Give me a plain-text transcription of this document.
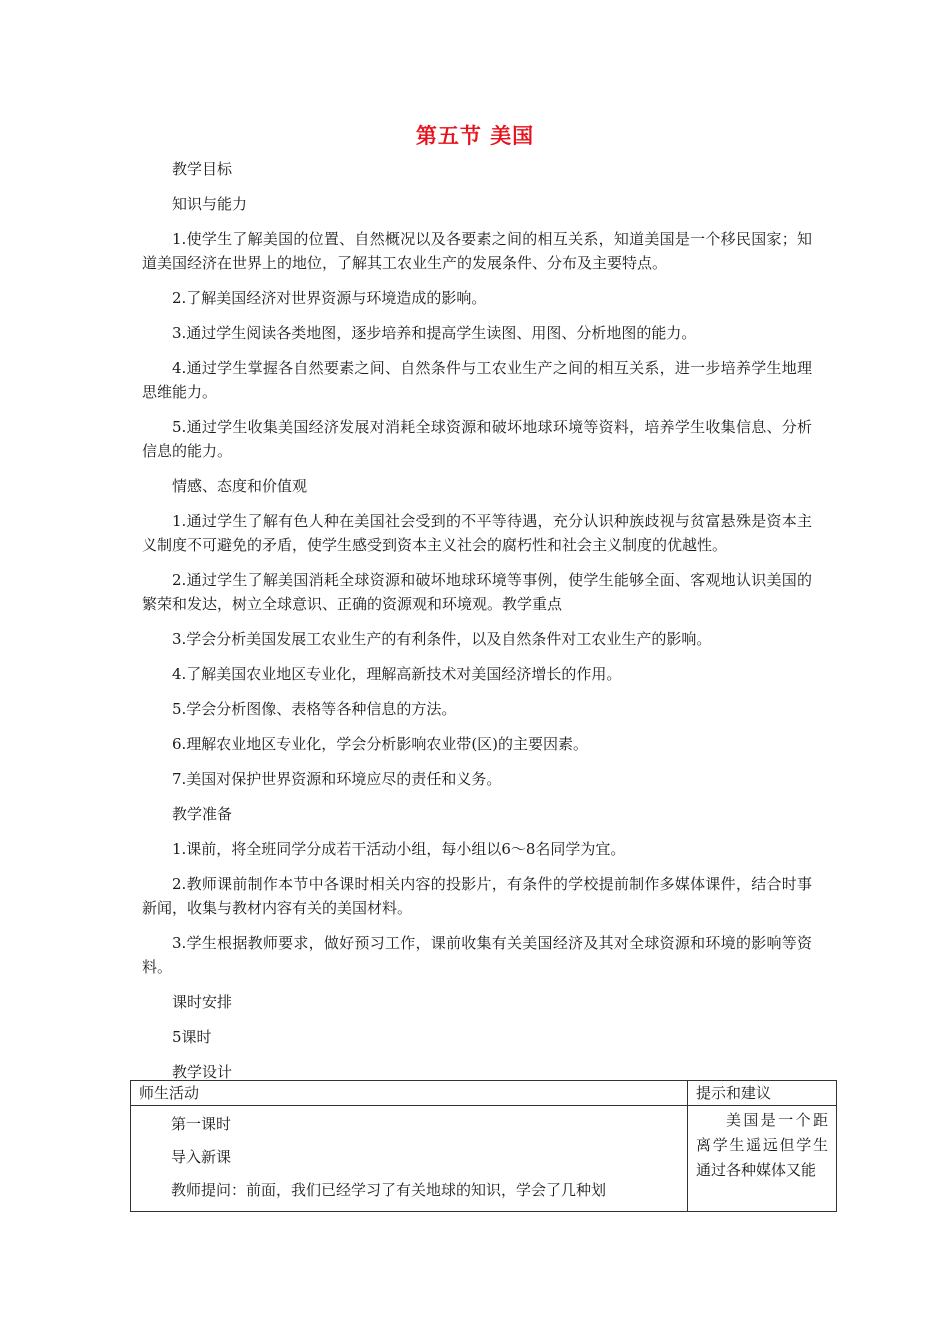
第五节 美国

教学目标

知识与能力

1.使学生了解美国的位置、自然概况以及各要素之间的相互关系，知道美国是一个移民国家；知道美国经济在世界上的地位，了解其工农业生产的发展条件、分布及主要特点。

2.了解美国经济对世界资源与环境造成的影响。

3.通过学生阅读各类地图，逐步培养和提高学生读图、用图、分析地图的能力。

4.通过学生掌握各自然要素之间、自然条件与工农业生产之间的相互关系，进一步培养学生地理思维能力。

5.通过学生收集美国经济发展对消耗全球资源和破坏地球环境等资料，培养学生收集信息、分析信息的能力。

情感、态度和价值观

1.通过学生了解有色人种在美国社会受到的不平等待遇，充分认识种族歧视与贫富悬殊是资本主义制度不可避免的矛盾，使学生感受到资本主义社会的腐朽性和社会主义制度的优越性。

2.通过学生了解美国消耗全球资源和破坏地球环境等事例，使学生能够全面、客观地认识美国的繁荣和发达，树立全球意识、正确的资源观和环境观。教学重点

3.学会分析美国发展工农业生产的有利条件，以及自然条件对工农业生产的影响。

4.了解美国农业地区专业化，理解高新技术对美国经济增长的作用。

5.学会分析图像、表格等各种信息的方法。

6.理解农业地区专业化，学会分析影响农业带(区)的主要因素。

7.美国对保护世界资源和环境应尽的责任和义务。

教学准备

1.课前，将全班同学分成若干活动小组，每小组以6～8名同学为宜。

2.教师课前制作本节中各课时相关内容的投影片，有条件的学校提前制作多媒体课件，结合时事新闻，收集与教材内容有关的美国材料。

3.学生根据教师要求，做好预习工作，课前收集有关美国经济及其对全球资源和环境的影响等资料。

课时安排

5课时

教学设计

师生活动	提示和建议

第一课时

导入新课

教师提问：前面，我们已经学习了有关地球的知识，学会了几种划	美国是一个距离学生遥远但学生通过各种媒体又能
